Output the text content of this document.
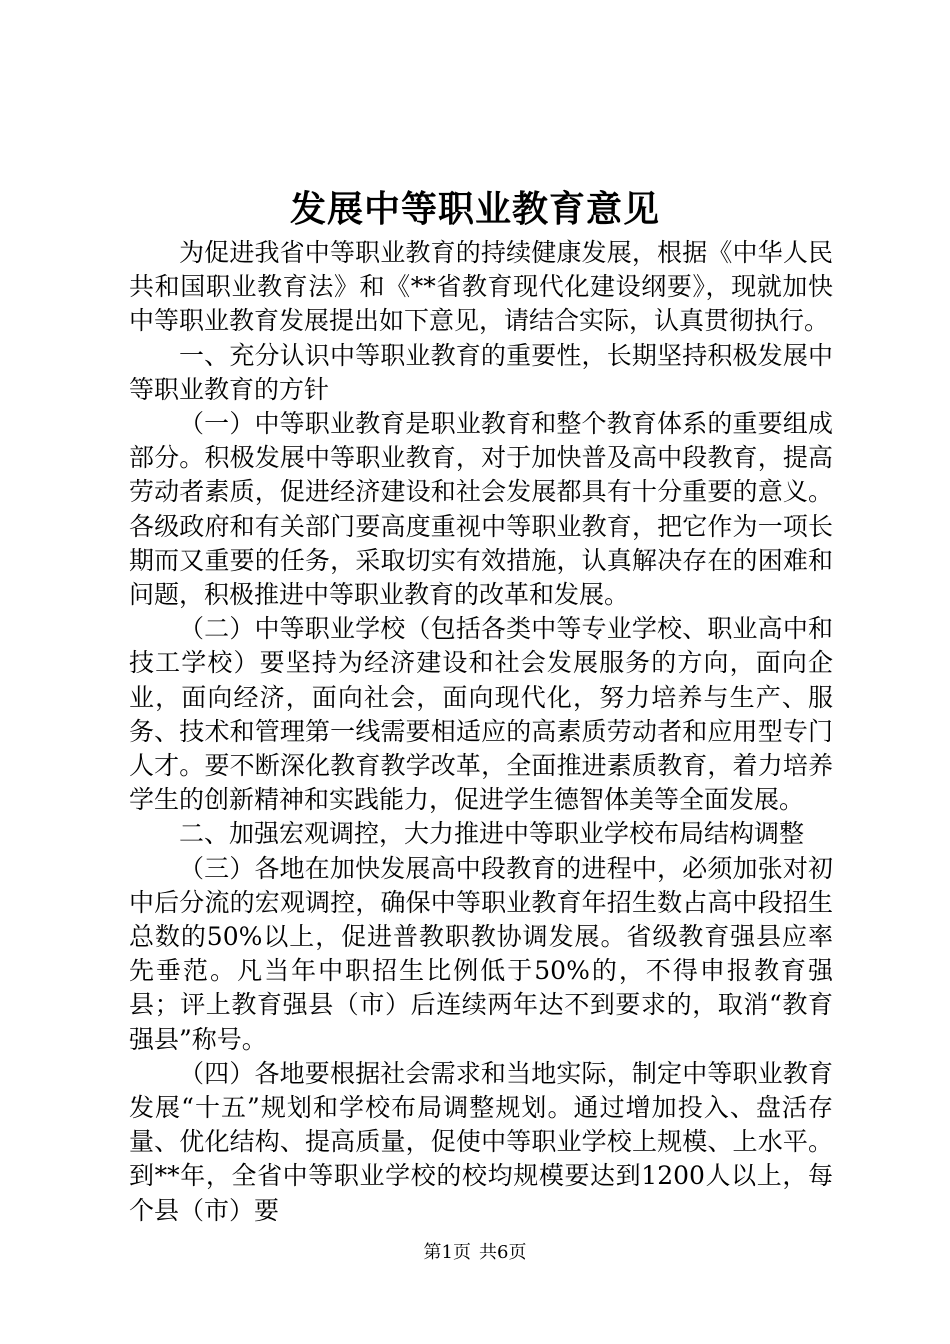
发展中等职业教育意见

为促进我省中等职业教育的持续健康发展，根据《中华人民共和国职业教育法》和《**省教育现代化建设纲要》，现就加快中等职业教育发展提出如下意见，请结合实际，认真贯彻执行。

一、充分认识中等职业教育的重要性，长期坚持积极发展中等职业教育的方针

（一）中等职业教育是职业教育和整个教育体系的重要组成部分。积极发展中等职业教育，对于加快普及高中段教育，提高劳动者素质，促进经济建设和社会发展都具有十分重要的意义。各级政府和有关部门要高度重视中等职业教育，把它作为一项长期而又重要的任务，采取切实有效措施，认真解决存在的困难和问题，积极推进中等职业教育的改革和发展。

（二）中等职业学校（包括各类中等专业学校、职业高中和技工学校）要坚持为经济建设和社会发展服务的方向，面向企业，面向经济，面向社会，面向现代化，努力培养与生产、服务、技术和管理第一线需要相适应的高素质劳动者和应用型专门人才。要不断深化教育教学改革，全面推进素质教育，着力培养学生的创新精神和实践能力，促进学生德智体美等全面发展。

二、加强宏观调控，大力推进中等职业学校布局结构调整

（三）各地在加快发展高中段教育的进程中，必须加张对初中后分流的宏观调控，确保中等职业教育年招生数占高中段招生总数的50%以上，促进普教职教协调发展。省级教育强县应率先垂范。凡当年中职招生比例低于50%的，不得申报教育强县；评上教育强县（市）后连续两年达不到要求的，取消“教育强县”称号。

（四）各地要根据社会需求和当地实际，制定中等职业教育发展“十五”规划和学校布局调整规划。通过增加投入、盘活存量、优化结构、提高质量，促使中等职业学校上规模、上水平。到**年，全省中等职业学校的校均规模要达到1200人以上，每个县（市）要

第1页 共6页
